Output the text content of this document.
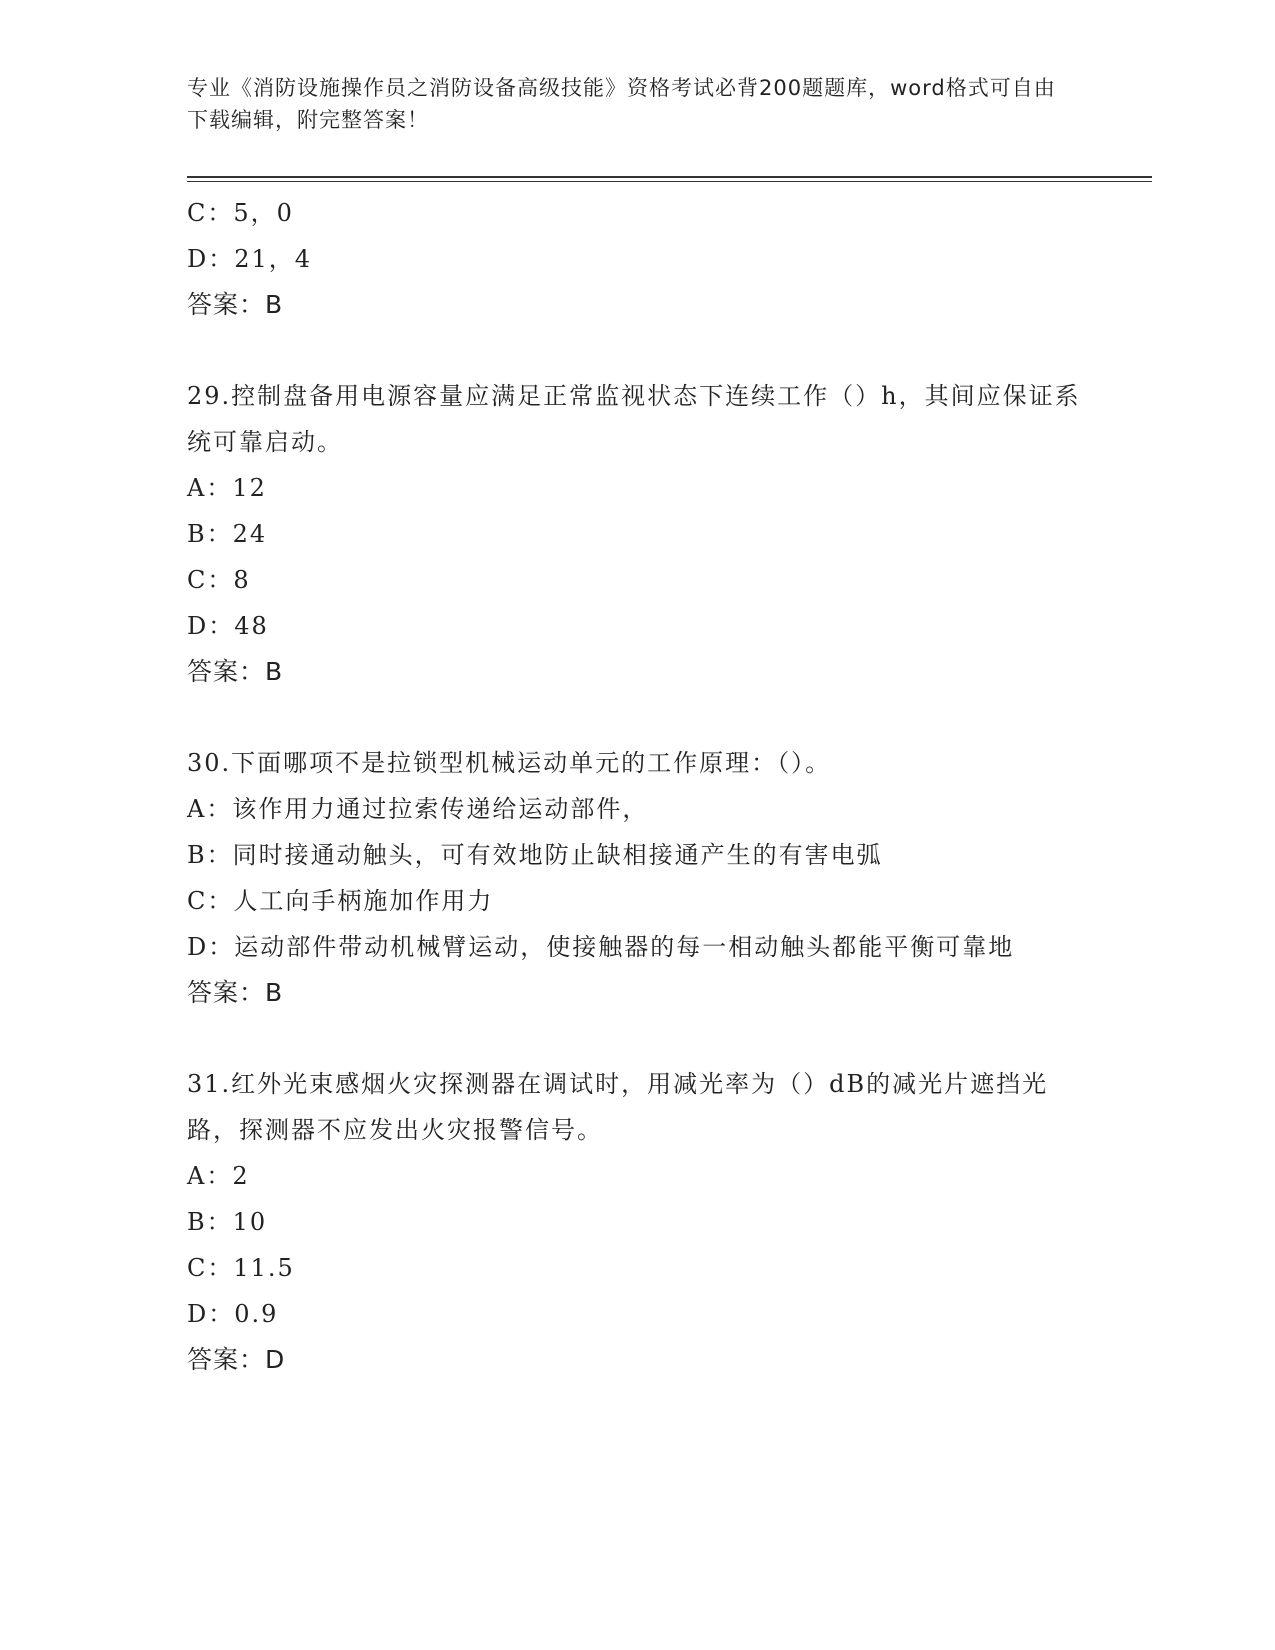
专业《消防设施操作员之消防设备高级技能》资格考试必背200题题库，word格式可自由下载编辑，附完整答案！
C：5，0
D：21，4
答案：B
29.控制盘备用电源容量应满足正常监视状态下连续工作（）h，其间应保证系统可靠启动。
A：12
B：24
C：8
D：48
答案：B
30.下面哪项不是拉锁型机械运动单元的工作原理：（）。
A：该作用力通过拉索传递给运动部件，
B：同时接通动触头，可有效地防止缺相接通产生的有害电弧
C：人工向手柄施加作用力
D：运动部件带动机械臂运动，使接触器的每一相动触头都能平衡可靠地
答案：B
31.红外光束感烟火灾探测器在调试时，用减光率为（）dB的减光片遮挡光路，探测器不应发出火灾报警信号。
A：2
B：10
C：11.5
D：0.9
答案：D
